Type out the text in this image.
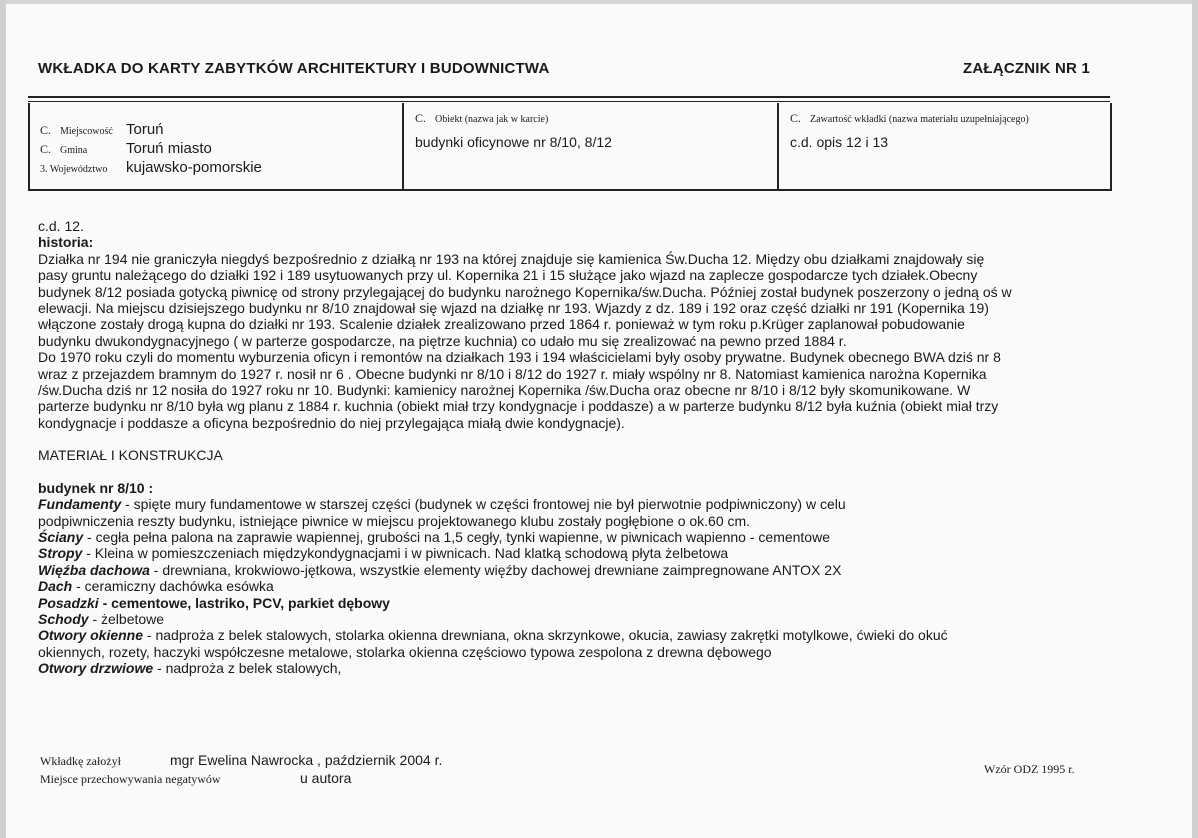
WKŁADKA DO KARTY ZABYTKÓW ARCHITEKTURY I BUDOWNICTWA	ZAŁĄCZNIK NR 1
C. Miejscowość Toruń
C. Gmina	Toruń miasto
3. Województwo kujawsko-pomorskie
C. Obiekt (nazwa jak w karcie)
budynki oficynowe nr 8/10, 8/12
C. Zawartość wkładki (nazwa materiału uzupełniającego)
c.d. opis 12 i 13

c.d. 12.

historia:

Działka nr 194 nie graniczyła niegdyś bezpośrednio z działką nr 193 na której znajduje się kamienica Św.Ducha 12. Między obu działkami znajdowały się

pasy gruntu należącego do działki 192 i 189 usytuowanych przy ul. Kopernika 21 i 15 służące jako wjazd na zaplecze gospodarcze tych działek.Obecny

budynek 8/12 posiada gotycką piwnicę od strony przylegającej do budynku narożnego Kopernika/św.Ducha. Później został budynek poszerzony o jedną oś w

elewacji. Na miejscu dzisiejszego budynku nr 8/10 znajdował się wjazd na działkę nr 193. Wjazdy z dz. 189 i 192 oraz część działki nr 191 (Kopernika 19)

włączone zostały drogą kupna do działki nr 193. Scalenie działek zrealizowano przed 1864 r. ponieważ w tym roku p.Krüger zaplanował pobudowanie

budynku dwukondygnacyjnego ( w parterze gospodarcze, na piętrze kuchnia) co udało mu się zrealizować na pewno przed 1884 r.

Do 1970 roku czyli do momentu wyburzenia oficyn i remontów na działkach 193 i 194 właścicielami były osoby prywatne. Budynek obecnego BWA dziś nr 8

wraz z przejazdem bramnym do 1927 r. nosił nr 6 . Obecne budynki nr 8/10 i 8/12 do 1927 r. miały wspólny nr 8. Natomiast kamienica narożna Kopernika

/św.Ducha dziś nr 12 nosiła do 1927 roku nr 10. Budynki: kamienicy narożnej Kopernika /św.Ducha oraz obecne nr 8/10 i 8/12 były skomunikowane. W

parterze budynku nr 8/10 była wg planu z 1884 r. kuchnia (obiekt miał trzy kondygnacje i poddasze) a w parterze budynku 8/12 była kuźnia (obiekt miał trzy

kondygnacje i poddasze a oficyna bezpośrednio do niej przylegająca miałą dwie kondygnacje).

MATERIAŁ I KONSTRUKCJA

budynek nr 8/10 :

Fundamenty - spięte mury fundamentowe w starszej części (budynek w części frontowej nie był pierwotnie podpiwniczony) w celu

podpiwniczenia reszty budynku, istniejące piwnice w miejscu projektowanego klubu zostały pogłębione o ok.60 cm.

Ściany - cegła pełna palona na zaprawie wapiennej, grubości na 1,5 cegły, tynki wapienne, w piwnicach wapienno - cementowe

Stropy - Kleina w pomieszczeniach międzykondygnacjami i w piwnicach. Nad klatką schodową płyta żelbetowa

Więźba dachowa - drewniana, krokwiowo-jętkowa, wszystkie elementy więźby dachowej drewniane zaimpregnowane ANTOX 2X

Dach - ceramiczny dachówka esówka

Posadzki - cementowe, lastriko, PCV, parkiet dębowy

Schody - żelbetowe

Otwory okienne - nadproża z belek stalowych, stolarka okienna drewniana, okna skrzynkowe, okucia, zawiasy zakrętki motylkowe, ćwieki do okuć

okiennych, rozety, haczyki współczesne metalowe, stolarka okienna częściowo typowa zespolona z drewna dębowego

Otwory drzwiowe - nadproża z belek stalowych,

Wkładkę założył	mgr Ewelina Nawrocka , październik 2004 r.
Miejsce przechowywania negatywów	u autora
Wzór ODZ 1995 r.
